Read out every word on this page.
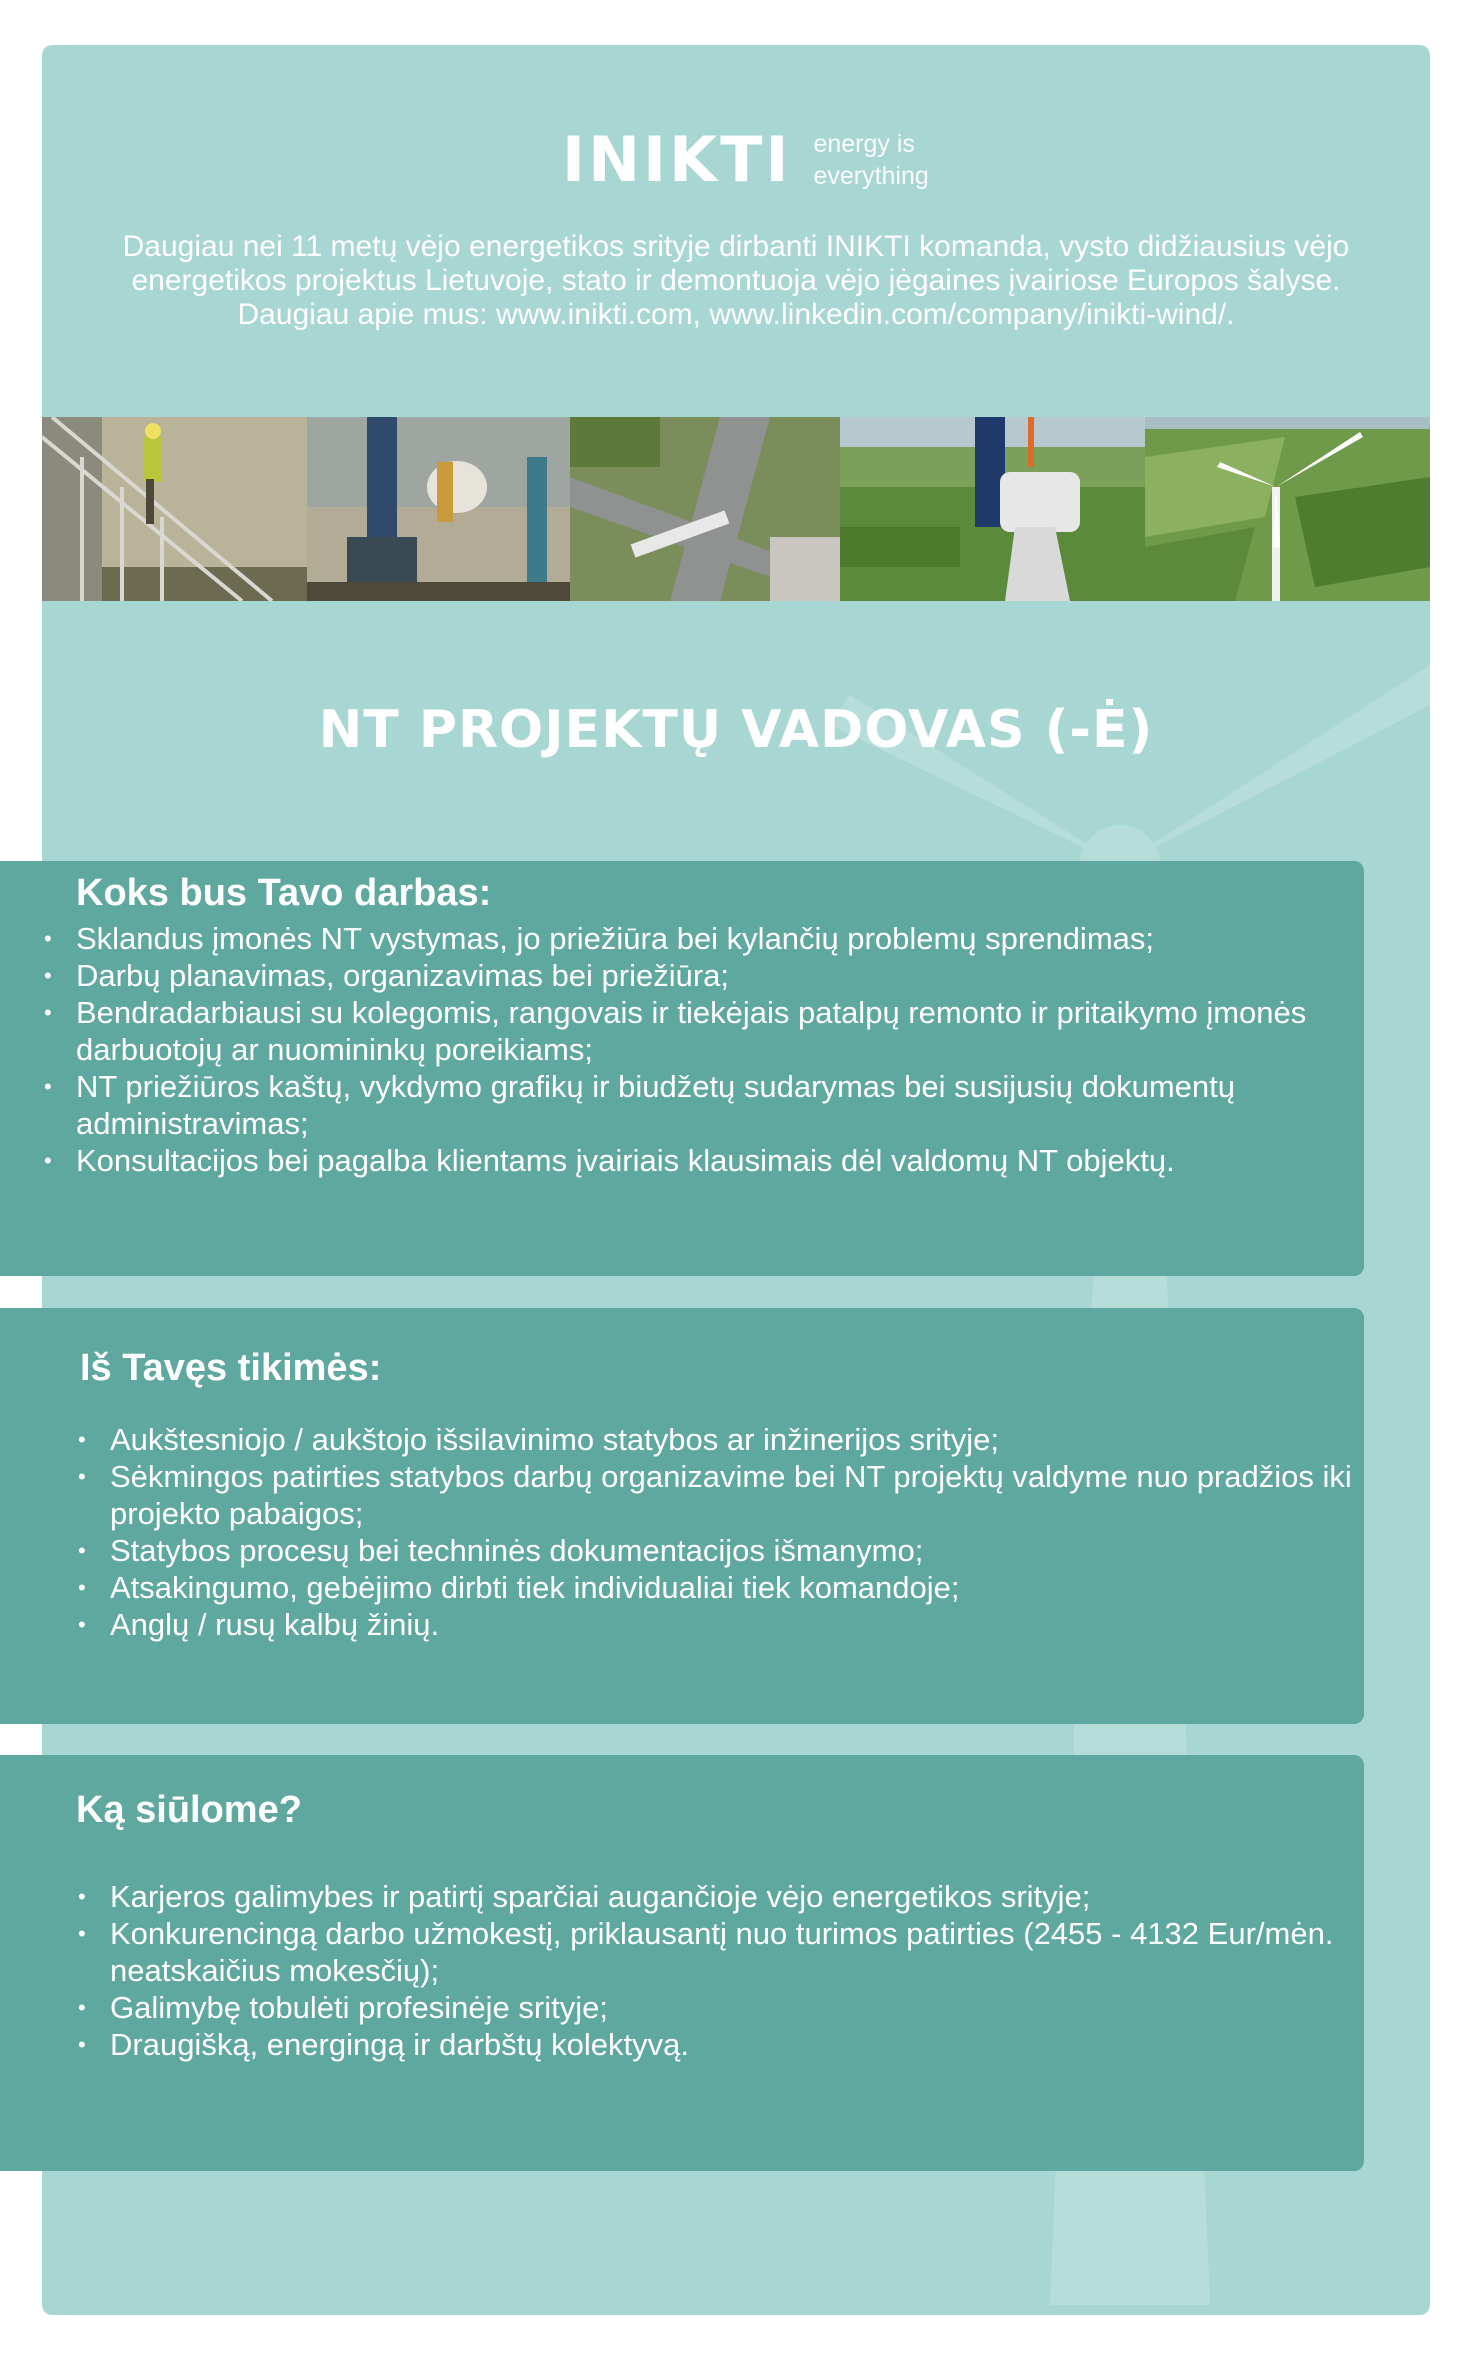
INIKTI energy is
everything
Daugiau nei 11 metų vėjo energetikos srityje dirbanti INIKTI komanda, vysto didžiausius vėjo energetikos projektus Lietuvoje, stato ir demontuoja vėjo jėgaines įvairiose Europos šalyse. Daugiau apie mus: www.inikti.com, www.linkedin.com/company/inikti-wind/.
NT PROJEKTŲ VADOVAS (-Ė)
Koks bus Tavo darbas:
• Sklandus įmonės NT vystymas, jo priežiūra bei kylančių problemų sprendimas;
• Darbų planavimas, organizavimas bei priežiūra;
• Bendradarbiausi su kolegomis, rangovais ir tiekėjais patalpų remonto ir pritaikymo įmonės darbuotojų ar nuomininkų poreikiams;
• NT priežiūros kaštų, vykdymo grafikų ir biudžetų sudarymas bei susijusių dokumentų administravimas;
• Konsultacijos bei pagalba klientams įvairiais klausimais dėl valdomų NT objektų.
Iš Tavęs tikimės:
• Aukštesniojo / aukštojo išsilavinimo statybos ar inžinerijos srityje;
• Sėkmingos patirties statybos darbų organizavime bei NT projektų valdyme nuo pradžios iki projekto pabaigos;
• Statybos procesų bei techninės dokumentacijos išmanymo;
• Atsakingumo, gebėjimo dirbti tiek individualiai tiek komandoje;
• Anglų / rusų kalbų žinių.
Ką siūlome?
• Karjeros galimybes ir patirtį sparčiai augančioje vėjo energetikos srityje;
• Konkurencingą darbo užmokestį, priklausantį nuo turimos patirties (2455 - 4132 Eur/mėn. neatskaičius mokesčių);
• Galimybę tobulėti profesinėje srityje;
• Draugišką, energingą ir darbštų kolektyvą.
